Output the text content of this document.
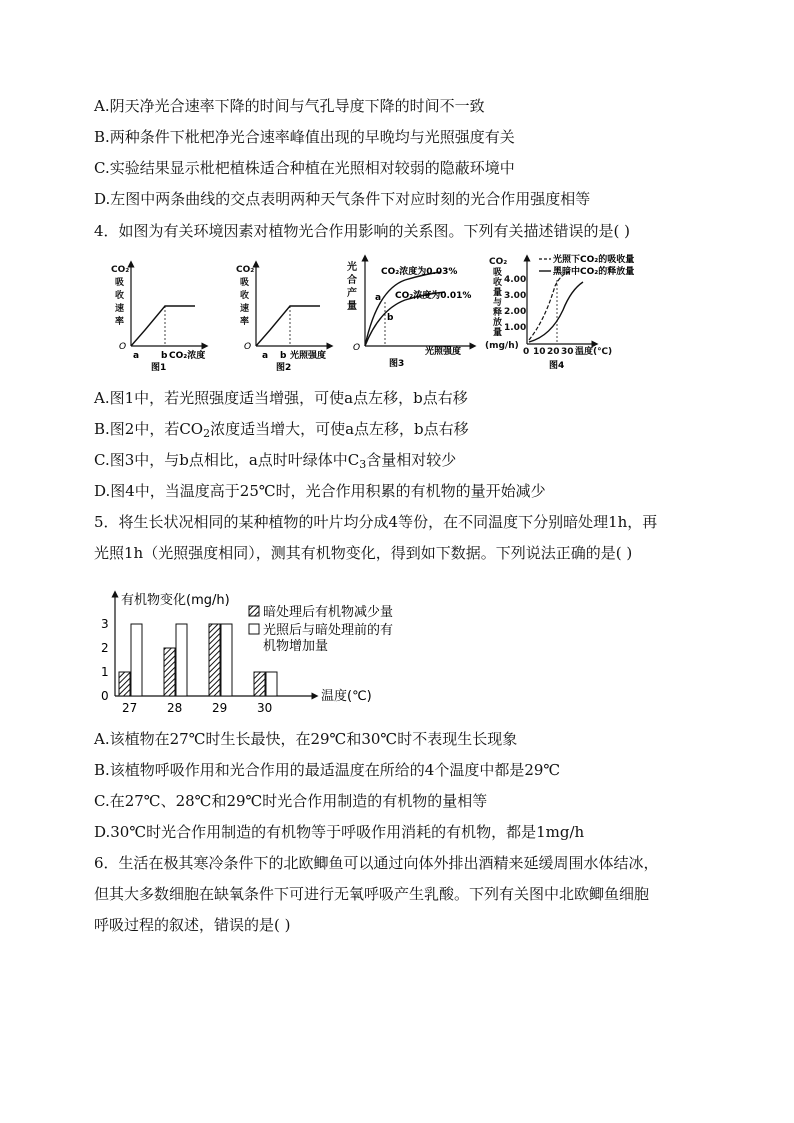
A.阴天净光合速率下降的时间与气孔导度下降的时间不一致
B.两种条件下枇杷净光合速率峰值出现的早晚均与光照强度有关
C.实验结果显示枇杷植株适合种植在光照相对较弱的隐蔽环境中
D.左图中两条曲线的交点表明两种天气条件下对应时刻的光合作用强度相等
4．如图为有关环境因素对植物光合作用影响的关系图。下列有关描述错误的是( )
CO₂
吸
收
速
率
O
a b CO₂浓度
图1
CO₂
吸
收
速
率
O
a b 光照强度
图2
光
合
产
量
CO₂浓度为0.03%
CO₂浓度为0.01%
a
b
O	光照强度
图3
CO₂
吸
收
量
与
释
放
量
(mg/h)
4.00
3.00
2.00
1.00
0 10 20 30 温度(℃)
光照下CO₂的吸收量
黑暗中CO₂的释放量
图4
A.图1中，若光照强度适当增强，可使a点左移，b点右移
B.图2中，若$CO_2$浓度适当增大，可使a点左移，b点右移
C.图3中，与b点相比，a点时叶绿体中$C_3$含量相对较少
D.图4中，当温度高于25℃时，光合作用积累的有机物的量开始减少
5．将生长状况相同的某种植物的叶片均分成4等份，在不同温度下分别暗处理1h，再
光照1h（光照强度相同），测其有机物变化，得到如下数据。下列说法正确的是( )
有机物变化(mg/h)
温度(℃)
0
1
2
3
27 28 29 30
暗处理后有机物减少量
光照后与暗处理前的有
机物增加量
A.该植物在27℃时生长最快，在29℃和30℃时不表现生长现象
B.该植物呼吸作用和光合作用的最适温度在所给的4个温度中都是29℃
C.在27℃、28℃和29℃时光合作用制造的有机物的量相等
D.30℃时光合作用制造的有机物等于呼吸作用消耗的有机物，都是1mg/h
6．生活在极其寒冷条件下的北欧鲫鱼可以通过向体外排出酒精来延缓周围水体结冰，
但其大多数细胞在缺氧条件下可进行无氧呼吸产生乳酸。下列有关图中北欧鲫鱼细胞
呼吸过程的叙述，错误的是( )
